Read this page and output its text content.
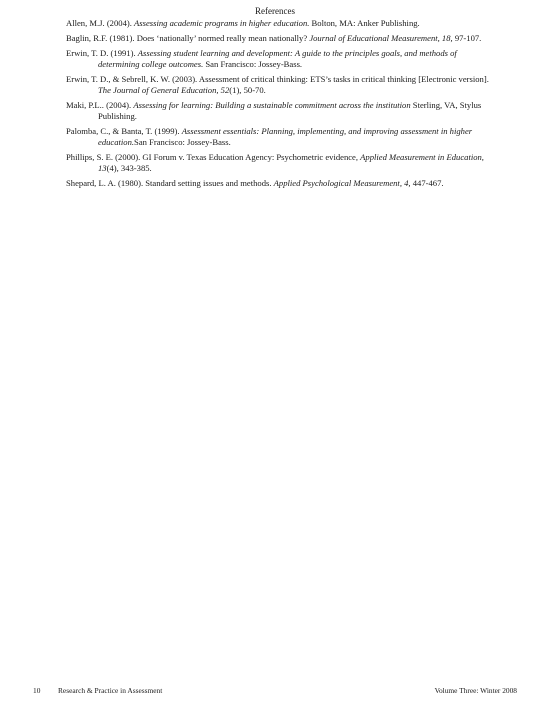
References

Allen, M.J. (2004). Assessing academic programs in higher education. Bolton, MA: Anker Publishing.

Baglin, R.F. (1981). Does ‘nationally’ normed really mean nationally? Journal of Educational Measurement, 18, 97-107.

Erwin, T. D. (1991). Assessing student learning and development: A guide to the principles goals, and methods of determining college outcomes. San Francisco: Jossey-Bass.

Erwin, T. D., & Sebrell, K. W. (2003). Assessment of critical thinking: ETS’s tasks in critical thinking [Electronic version]. The Journal of General Education, 52(1), 50-70.

Maki, P.L.. (2004). Assessing for learning: Building a sustainable commitment across the institution Sterling, VA, Stylus Publishing.

Palomba, C., & Banta, T. (1999). Assessment essentials: Planning, implementing, and improving assessment in higher education.San Francisco: Jossey-Bass.

Phillips, S. E. (2000). GI Forum v. Texas Education Agency: Psychometric evidence, Applied Measurement in Education, 13(4), 343-385.

Shepard, L. A. (1980). Standard setting issues and methods. Applied Psychological Measurement, 4, 447-467.

10 Research & Practice in Assessment	Volume Three: Winter 2008
